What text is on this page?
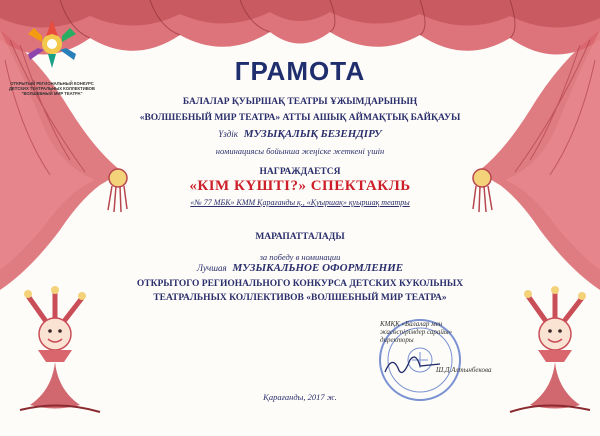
ОТКРЫТЫЙ РЕГИОНАЛЬНЫЙ КОНКУРС
ДЕТСКИХ ТЕАТРАЛЬНЫХ КОЛЛЕКТИВОВ
"ВОЛШЕБНЫЙ МИР ТЕАТРА"
ГРАМОТА
БАЛАЛАР ҚУЫРШАҚ ТЕАТРЫ ҰЖЫМДАРЫНЫҢ
«ВОЛШЕБНЫЙ МИР ТЕАТРА» АТТЫ АШЫҚ АЙМАҚТЫҚ БАЙҚАУЫ
Үздік МУЗЫҚАЛЫҚ БЕЗЕНДІРУ
номинациясы бойынша жеңіске жеткені үшін
НАГРАЖДАЕТСЯ
«КІМ КҮШТІ?» СПЕКТАКЛЬ
«№ 77 МБК» КММ Қарағанды қ., «Қуыршақ» қуыршақ театры
МАРАПАТТАЛАДЫ
за победу в номинации
Лучшая МУЗЫКАЛЬНОЕ ОФОРМЛЕНИЕ
ОТКРЫТОГО РЕГИОНАЛЬНОГО КОНКУРСА ДЕТСКИХ КУКОЛЬНЫХ
ТЕАТРАЛЬНЫХ КОЛЛЕКТИВОВ «ВОЛШЕБНЫЙ МИР ТЕАТРА»
КМҚК «Балалар мен
жасөспірімдер сарайы»
директоры
Ш.Д.Алтынбекова
Қарағанды, 2017 ж.
